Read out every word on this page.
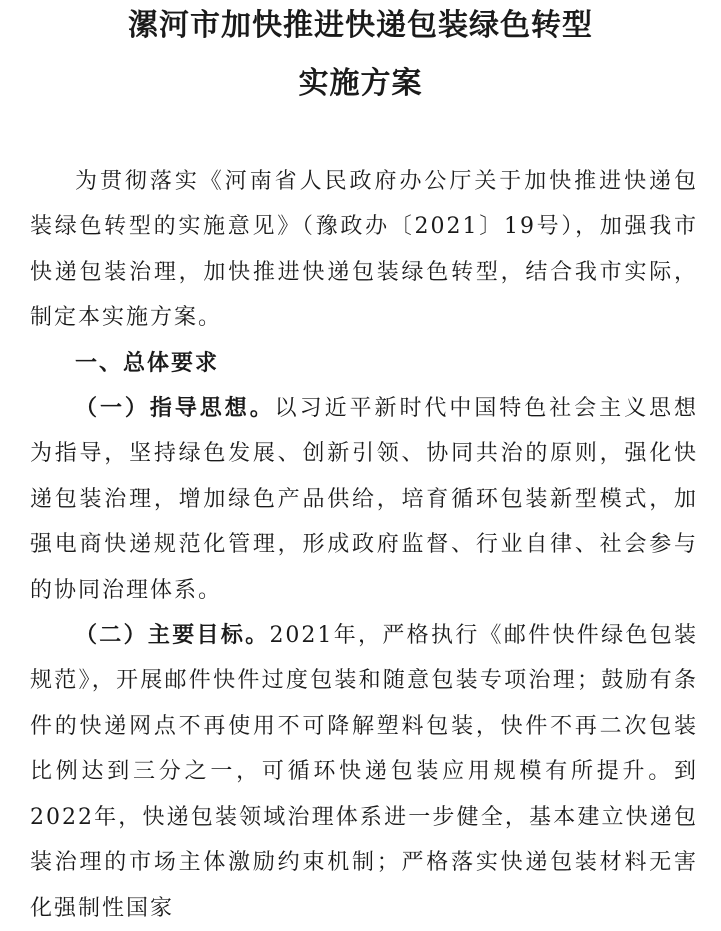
漯河市加快推进快递包装绿色转型
实施方案

为贯彻落实《河南省人民政府办公厅关于加快推进快递包装绿色转型的实施意见》（豫政办〔2021〕19号），加强我市快递包装治理，加快推进快递包装绿色转型，结合我市实际，制定本实施方案。

一、总体要求

（一）指导思想。以习近平新时代中国特色社会主义思想为指导，坚持绿色发展、创新引领、协同共治的原则，强化快递包装治理，增加绿色产品供给，培育循环包装新型模式，加强电商快递规范化管理，形成政府监督、行业自律、社会参与的协同治理体系。

（二）主要目标。2021年，严格执行《邮件快件绿色包装规范》，开展邮件快件过度包装和随意包装专项治理；鼓励有条件的快递网点不再使用不可降解塑料包装，快件不再二次包装比例达到三分之一，可循环快递包装应用规模有所提升。到2022年，快递包装领域治理体系进一步健全，基本建立快递包装治理的市场主体激励约束机制；严格落实快递包装材料无害化强制性国家
